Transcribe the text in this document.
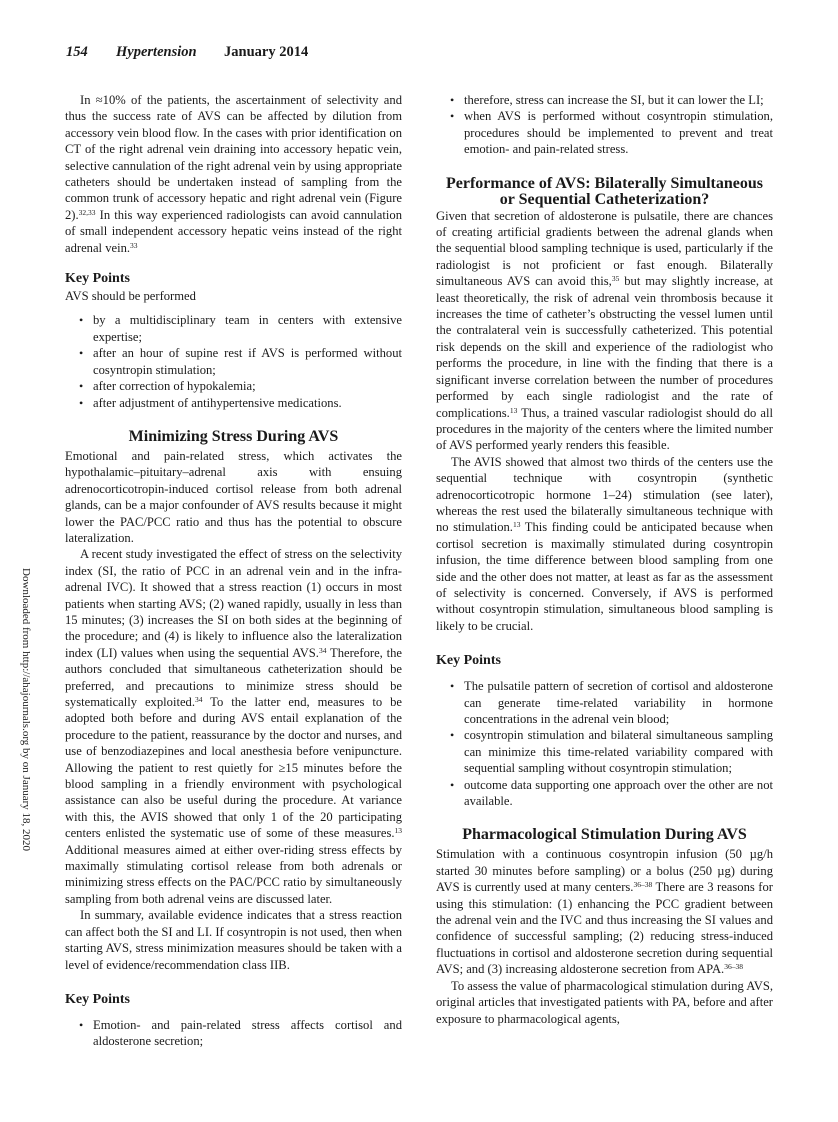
154 Hypertension January 2014
Downloaded from http://ahajournals.org by on January 18, 2020

In ≈10% of the patients, the ascertainment of selectivity and thus the success rate of AVS can be affected by dilution from accessory vein blood flow. In the cases with prior identification on CT of the right adrenal vein draining into accessory hepatic vein, selective cannulation of the right adrenal vein by using appropriate catheters should be undertaken instead of sampling from the common trunk of accessory hepatic and right adrenal vein (Figure 2).$^{32,33}$ In this way experienced radiologists can avoid cannulation of small independent accessory hepatic veins instead of the right adrenal vein.$^{33}$

Key Points

AVS should be performed

• by a multidisciplinary team in centers with extensive expertise;
• after an hour of supine rest if AVS is performed without cosyntropin stimulation;
• after correction of hypokalemia;
• after adjustment of antihypertensive medications.
Minimizing Stress During AVS

Emotional and pain-related stress, which activates the hypothalamic–pituitary–adrenal axis with ensuing adrenocorticotropin-induced cortisol release from both adrenal glands, can be a major confounder of AVS results because it might lower the PAC/PCC ratio and thus has the potential to obscure lateralization.

A recent study investigated the effect of stress on the selectivity index (SI, the ratio of PCC in an adrenal vein and in the infra-adrenal IVC). It showed that a stress reaction (1) occurs in most patients when starting AVS; (2) waned rapidly, usually in less than 15 minutes; (3) increases the SI on both sides at the beginning of the procedure; and (4) is likely to influence also the lateralization index (LI) values when using the sequential AVS.$^{34}$ Therefore, the authors concluded that simultaneous catheterization should be preferred, and precautions to minimize stress should be systematically exploited.$^{34}$ To the latter end, measures to be adopted both before and during AVS entail explanation of the procedure to the patient, reassurance by the doctor and nurses, and use of benzodiazepines and local anesthesia before venipuncture. Allowing the patient to rest quietly for ≥15 minutes before the blood sampling in a friendly environment with psychological assistance can also be useful during the procedure. At variance with this, the AVIS showed that only 1 of the 20 participating centers enlisted the systematic use of some of these measures.$^{13}$ Additional measures aimed at either over-riding stress effects by maximally stimulating cortisol release from both adrenals or minimizing stress effects on the PAC/PCC ratio by simultaneously sampling from both adrenal veins are discussed later.

In summary, available evidence indicates that a stress reaction can affect both the SI and LI. If cosyntropin is not used, then when starting AVS, stress minimization measures should be taken with a level of evidence/recommendation class IIB.

Key Points
• Emotion- and pain-related stress affects cortisol and aldosterone secretion;
• therefore, stress can increase the SI, but it can lower the LI;
• when AVS is performed without cosyntropin stimulation, procedures should be implemented to prevent and treat emotion- and pain-related stress.
Performance of AVS: Bilaterally Simultaneous
or Sequential Catheterization?

Given that secretion of aldosterone is pulsatile, there are chances of creating artificial gradients between the adrenal glands when the sequential blood sampling technique is used, particularly if the radiologist is not proficient or fast enough. Bilaterally simultaneous AVS can avoid this,$^{35}$ but may slightly increase, at least theoretically, the risk of adrenal vein thrombosis because it increases the time of catheter’s obstructing the vessel lumen until the contralateral vein is successfully catheterized. This potential risk depends on the skill and experience of the radiologist who performs the procedure, in line with the finding that there is a significant inverse correlation between the number of procedures performed by each single radiologist and the rate of complications.$^{13}$ Thus, a trained vascular radiologist should do all procedures in the majority of the centers where the limited number of AVS performed yearly renders this feasible.

The AVIS showed that almost two thirds of the centers use the sequential technique with cosyntropin (synthetic adrenocorticotropic hormone 1–24) stimulation (see later), whereas the rest used the bilaterally simultaneous technique with no stimulation.$^{13}$ This finding could be anticipated because when cortisol secretion is maximally stimulated during cosyntropin infusion, the time difference between blood sampling from one side and the other does not matter, at least as far as the assessment of selectivity is concerned. Conversely, if AVS is performed without cosyntropin stimulation, simultaneous blood sampling is likely to be crucial.

Key Points
• The pulsatile pattern of secretion of cortisol and aldosterone can generate time-related variability in hormone concentrations in the adrenal vein blood;
• cosyntropin stimulation and bilateral simultaneous sampling can minimize this time-related variability compared with sequential sampling without cosyntropin stimulation;
• outcome data supporting one approach over the other are not available.
Pharmacological Stimulation During AVS

Stimulation with a continuous cosyntropin infusion (50 µg/h started 30 minutes before sampling) or a bolus (250 µg) during AVS is currently used at many centers.$^{36-38}$ There are 3 reasons for using this stimulation: (1) enhancing the PCC gradient between the adrenal vein and the IVC and thus increasing the SI values and confidence of successful sampling; (2) reducing stress-induced fluctuations in cortisol and aldosterone secretion during sequential AVS; and (3) increasing aldosterone secretion from APA.$^{36-38}$

To assess the value of pharmacological stimulation during AVS, original articles that investigated patients with PA, before and after exposure to pharmacological agents,
